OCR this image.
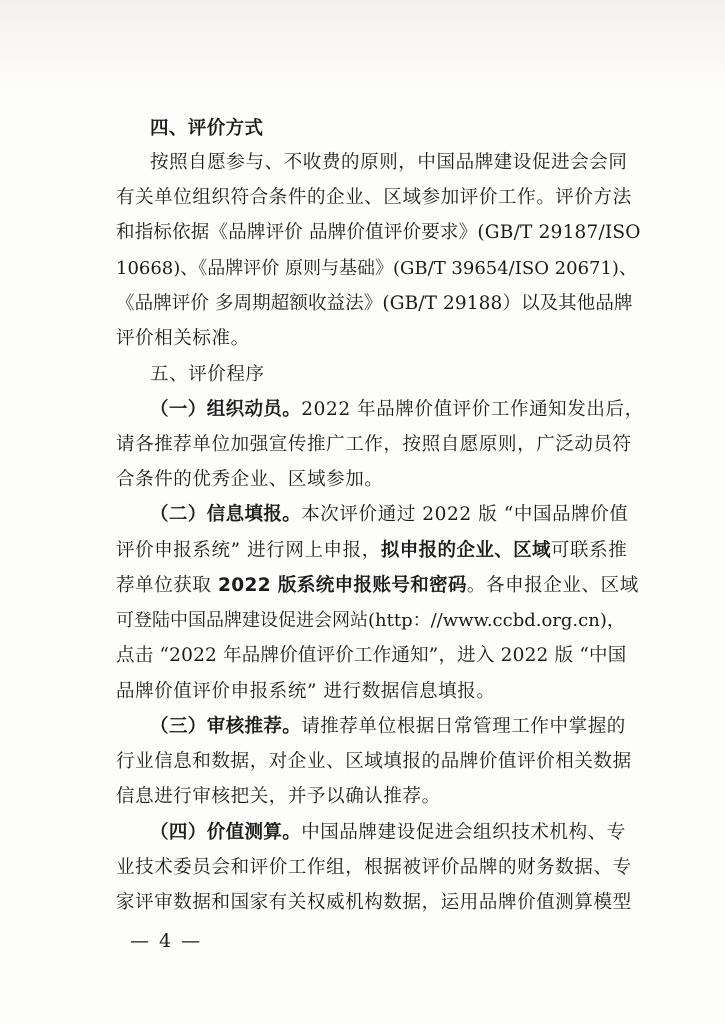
四、评价方式
按照自愿参与、不收费的原则，中国品牌建设促进会会同
有关单位组织符合条件的企业、区域参加评价工作。评价方法
和指标依据《品牌评价 品牌价值评价要求》(GB/T 29187/ISO
10668)、《品牌评价 原则与基础》(GB/T 39654/ISO 20671)、
《品牌评价 多周期超额收益法》(GB/T 29188）以及其他品牌
评价相关标准。
五、评价程序
（一）组织动员。2022 年品牌价值评价工作通知发出后，
请各推荐单位加强宣传推广工作，按照自愿原则，广泛动员符
合条件的优秀企业、区域参加。
（二）信息填报。本次评价通过 2022 版 “中国品牌价值
评价申报系统” 进行网上申报，拟申报的企业、区域可联系推
荐单位获取 2022 版系统申报账号和密码。各申报企业、区域
可登陆中国品牌建设促进会网站(http：//www.ccbd.org.cn)，
点击 “2022 年品牌价值评价工作通知”，进入 2022 版 “中国
品牌价值评价申报系统” 进行数据信息填报。
（三）审核推荐。请推荐单位根据日常管理工作中掌握的
行业信息和数据，对企业、区域填报的品牌价值评价相关数据
信息进行审核把关，并予以确认推荐。
（四）价值测算。中国品牌建设促进会组织技术机构、专
业技术委员会和评价工作组，根据被评价品牌的财务数据、专
家评审数据和国家有关权威机构数据，运用品牌价值测算模型
— 4 —
